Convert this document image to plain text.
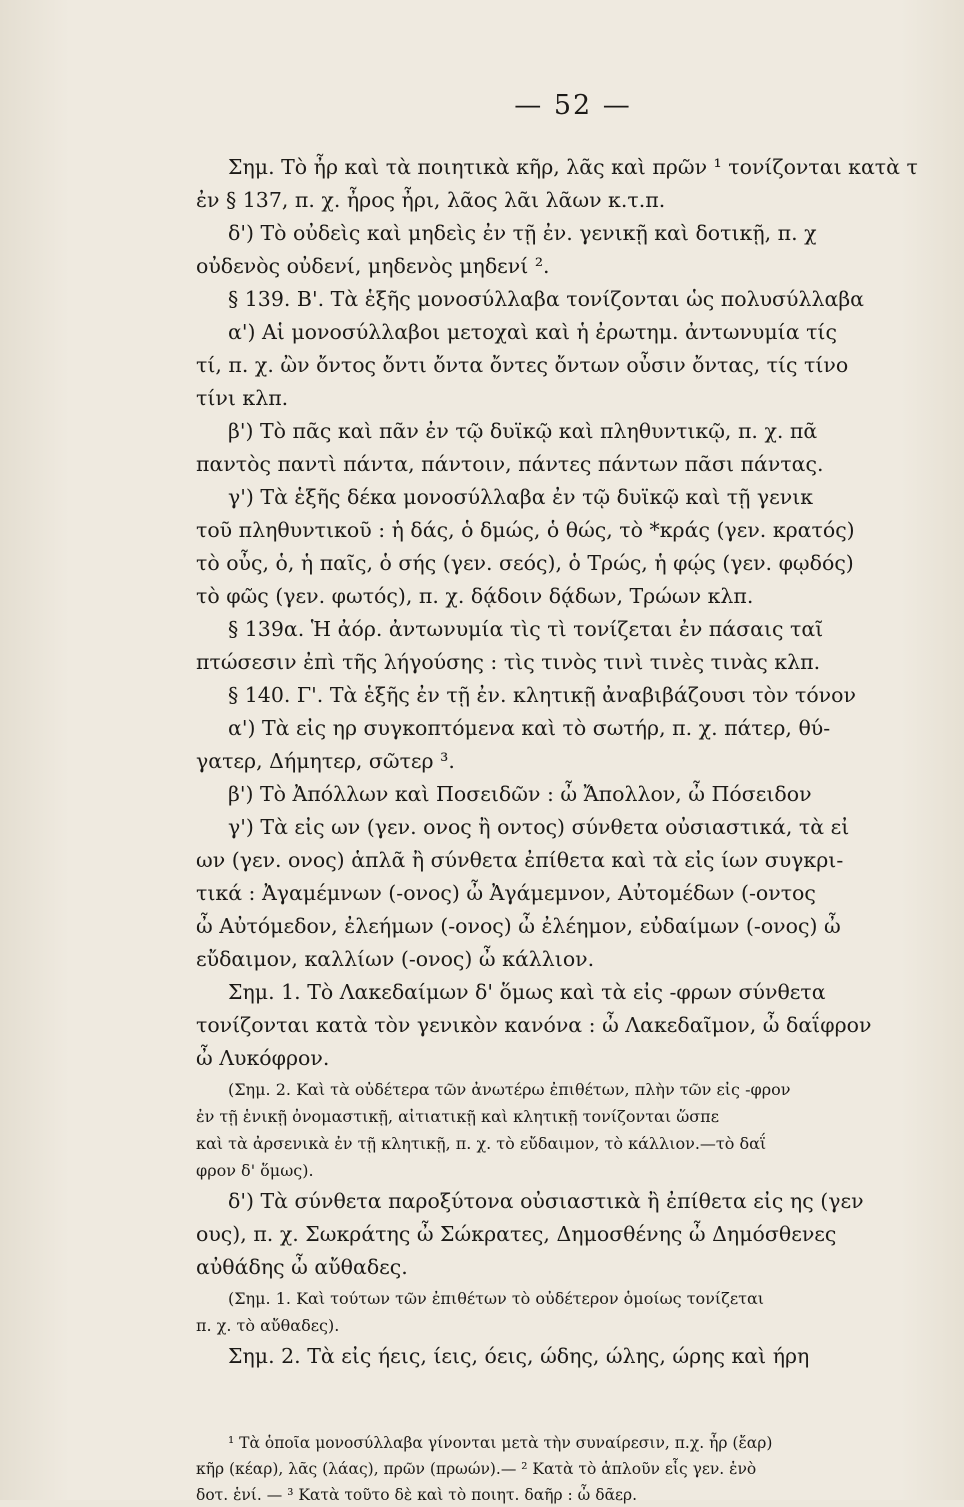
— 52 —

Σημ. Τὸ ἦρ καὶ τὰ ποιητικὰ κῆρ, λᾶς καὶ πρῶν ¹ τονίζονται κατὰ τ

ἐν § 137, π. χ. ἦρος ἦρι, λᾶος λᾶι λᾶων κ.τ.π.

δ') Τὸ οὐδεὶς καὶ μηδεὶς ἐν τῇ ἐν. γενικῇ καὶ δοτικῇ, π. χ

οὐδενὸς οὐδενί, μηδενὸς μηδενί ².

§ 139. Β'. Τὰ ἑξῆς μονοσύλλαβα τονίζονται ὡς πολυσύλλαβα

α') Αἱ μονοσύλλαβοι μετοχαὶ καὶ ἡ ἐρωτημ. ἀντωνυμία τίς

τί, π. χ. ὢν ὄντος ὄντι ὄντα ὄντες ὄντων οὖσιν ὄντας, τίς τίνο

τίνι κλπ.

β') Τὸ πᾶς καὶ πᾶν ἐν τῷ δυϊκῷ καὶ πληθυντικῷ, π. χ. πᾶ

παντὸς παντὶ πάντα, πάντοιν, πάντες πάντων πᾶσι πάντας.

γ') Τὰ ἑξῆς δέκα μονοσύλλαβα ἐν τῷ δυϊκῷ καὶ τῇ γενικ

τοῦ πληθυντικοῦ : ἡ δάς, ὁ δμώς, ὁ θώς, τὸ *κράς (γεν. κρατός)

τὸ οὖς, ὁ, ἡ παῖς, ὁ σής (γεν. σεός), ὁ Τρώς, ἡ φῴς (γεν. φῳδός)

τὸ φῶς (γεν. φωτός), π. χ. δᾴδοιν δᾴδων, Τρώων κλπ.

§ 139α. Ἡ ἀόρ. ἀντωνυμία τὶς τὶ τονίζεται ἐν πάσαις ταῖ

πτώσεσιν ἐπὶ τῆς λήγούσης : τὶς τινὸς τινὶ τινὲς τινὰς κλπ.

§ 140. Γ'. Τὰ ἑξῆς ἐν τῇ ἐν. κλητικῇ ἀναβιβάζουσι τὸν τόνον

α') Τὰ εἰς ηρ συγκοπτόμενα καὶ τὸ σωτήρ, π. χ. πάτερ, θύ-

γατερ, Δήμητερ, σῶτερ ³.

β') Τὸ Ἀπόλλων καὶ Ποσειδῶν : ὦ Ἄπολλον, ὦ Πόσειδον

γ') Τὰ εἰς ων (γεν. ονος ἢ οντος) σύνθετα οὐσιαστικά, τὰ εἰ

ων (γεν. ονος) ἁπλᾶ ἢ σύνθετα ἐπίθετα καὶ τὰ εἰς ίων συγκρι-

τικά : Ἀγαμέμνων (-ονος) ὦ Ἀγάμεμνον, Αὐτομέδων (-οντος

ὦ Αὐτόμεδον, ἐλεήμων (-ονος) ὦ ἐλέημον, εὐδαίμων (-ονος) ὦ

εὔδαιμον, καλλίων (-ονος) ὦ κάλλιον.

Σημ. 1. Τὸ Λακεδαίμων δ' ὅμως καὶ τὰ εἰς -φρων σύνθετα

τονίζονται κατὰ τὸν γενικὸν κανόνα : ὦ Λακεδαῖμον, ὦ δαΐφρον

ὦ Λυκόφρον.

(Σημ. 2. Καὶ τὰ οὐδέτερα τῶν ἀνωτέρω ἐπιθέτων, πλὴν τῶν εἰς -φρον

ἐν τῇ ἑνικῇ ὀνομαστικῇ, αἰτιατικῇ καὶ κλητικῇ τονίζονται ὥσπε

καὶ τὰ ἀρσενικὰ ἐν τῇ κλητικῇ, π. χ. τὸ εὔδαιμον, τὸ κάλλιον.—τὸ δαΐ

φρον δ' ὅμως).

δ') Τὰ σύνθετα παροξύτονα οὐσιαστικὰ ἢ ἐπίθετα εἰς ης (γεν

ους), π. χ. Σωκράτης ὦ Σώκρατες, Δημοσθένης ὦ Δημόσθενες

αὐθάδης ὦ αὔθαδες.

(Σημ. 1. Καὶ τούτων τῶν ἐπιθέτων τὸ οὐδέτερον ὁμοίως τονίζεται

π. χ. τὸ αὔθαδες).

Σημ. 2. Τὰ εἰς ήεις, ίεις, όεις, ώδης, ώλης, ώρης καὶ ήρη

¹ Τὰ ὁποῖα μονοσύλλαβα γίνονται μετὰ τὴν συναίρεσιν, π.χ. ἦρ (ἔαρ)

κῆρ (κέαρ), λᾶς (λάας), πρῶν (πρωών).— ² Κατὰ τὸ ἁπλοῦν εἷς γεν. ἑνὸ

δοτ. ἑνί. — ³ Κατὰ τοῦτο δὲ καὶ τὸ ποιητ. δαῆρ : ὦ δᾶερ.
